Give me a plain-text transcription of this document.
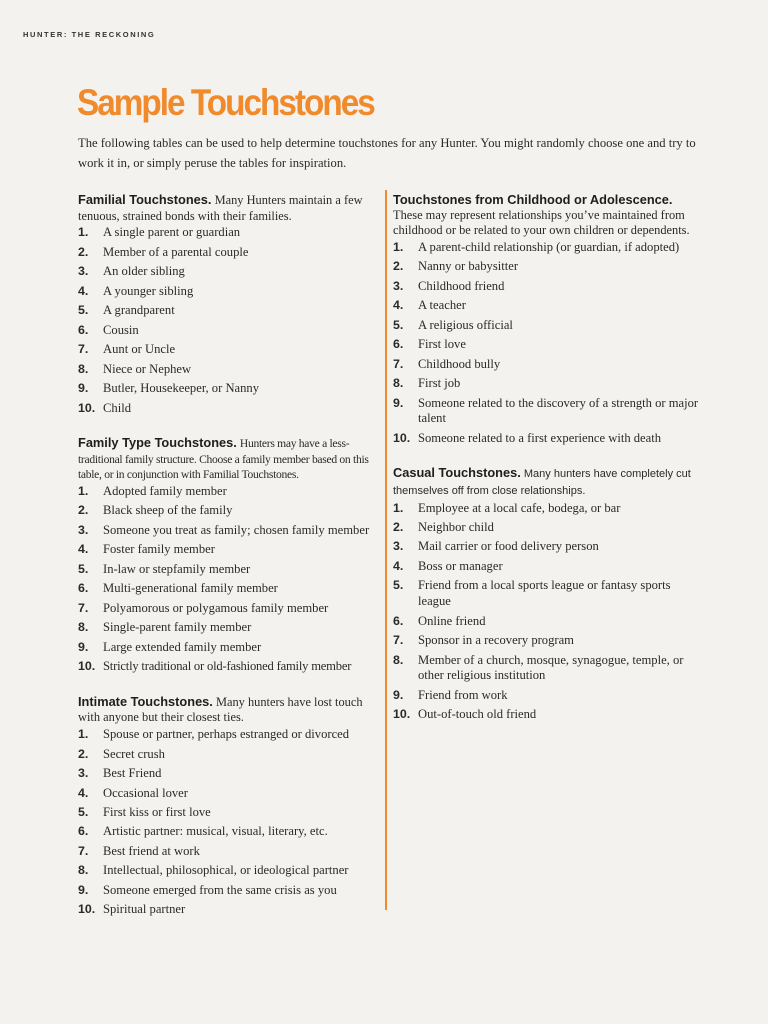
HUNTER: THE RECKONING
Sample Touchstones

The following tables can be used to help determine touchstones for any Hunter. You might randomly choose one and try to work it in, or simply peruse the tables for inspiration.

Familial Touchstones. Many Hunters maintain a few tenuous, strained bonds with their families.

1.	A single parent or guardian
2.	Member of a parental couple
3.	An older sibling
4.	A younger sibling
5.	A grandparent
6.	Cousin
7.	Aunt or Uncle
8.	Niece or Nephew
9.	Butler, Housekeeper, or Nanny
10. Child

Family Type Touchstones. Hunters may have a less-traditional family structure. Choose a family member based on this table, or in conjunction with Familial Touchstones.

1.	Adopted family member
2.	Black sheep of the family
3.	Someone you treat as family; chosen family member
4.	Foster family member
5.	In-law or stepfamily member
6.	Multi-generational family member
7.	Polyamorous or polygamous family member
8.	Single-parent family member
9.	Large extended family member
10. Strictly traditional or old-fashioned family member

Intimate Touchstones. Many hunters have lost touch with anyone but their closest ties.

1.	Spouse or partner, perhaps estranged or divorced
2.	Secret crush
3.	Best Friend
4.	Occasional lover
5.	First kiss or first love
6.	Artistic partner: musical, visual, literary, etc.
7.	Best friend at work
8.	Intellectual, philosophical, or ideological partner
9.	Someone emerged from the same crisis as you
10. Spiritual partner

Touchstones from Childhood or Adolescence.
These may represent relationships you’ve maintained from childhood or be related to your own children or dependents.

1.	A parent-child relationship (or guardian, if adopted)
2.	Nanny or babysitter
3.	Childhood friend
4.	A teacher
5.	A religious official
6.	First love
7.	Childhood bully
8.	First job
9.	Someone related to the discovery of a strength or major talent
10. Someone related to a first experience with death

Casual Touchstones. Many hunters have completely cut themselves off from close relationships.

1.	Employee at a local cafe, bodega, or bar
2.	Neighbor child
3.	Mail carrier or food delivery person
4.	Boss or manager
5.	Friend from a local sports league or fantasy sports league
6.	Online friend
7.	Sponsor in a recovery program
8.	Member of a church, mosque, synagogue, temple, or other religious institution
9.	Friend from work
10. Out-of-touch old friend
